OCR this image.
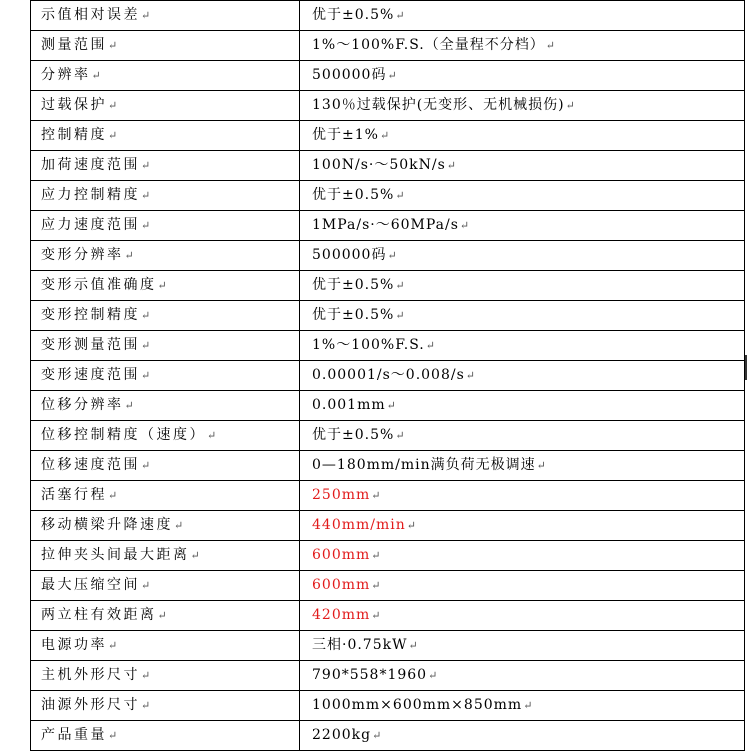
示值相对误差↵	优于±0.5%↵
测量范围↵	1%～100%F.S.（全量程不分档）↵
分辨率↵	500000码↵
过载保护↵	130％过载保护(无变形、无机械损伤)↵
控制精度↵	优于±1%↵
加荷速度范围↵	100N/s·～50kN/s↵
应力控制精度↵	优于±0.5%↵
应力速度范围↵	1MPa/s·～60MPa/s↵
变形分辨率↵	500000码↵
变形示值准确度↵	优于±0.5%↵
变形控制精度↵	优于±0.5%↵
变形测量范围↵	1%～100%F.S.↵
变形速度范围↵	0.00001/s～0.008/s↵
位移分辨率↵	0.001mm↵
位移控制精度（速度）↵	优于±0.5%↵
位移速度范围↵	0—180mm/min满负荷无极调速↵
活塞行程↵	250mm↵
移动横梁升降速度↵	440mm/min↵
拉伸夹头间最大距离↵	600mm↵
最大压缩空间↵	600mm↵
两立柱有效距离↵	420mm↵
电源功率↵	三相·0.75kW↵
主机外形尺寸↵	790*558*1960↵
油源外形尺寸↵	1000mm×600mm×850mm↵
产品重量↵	2200kg↵
